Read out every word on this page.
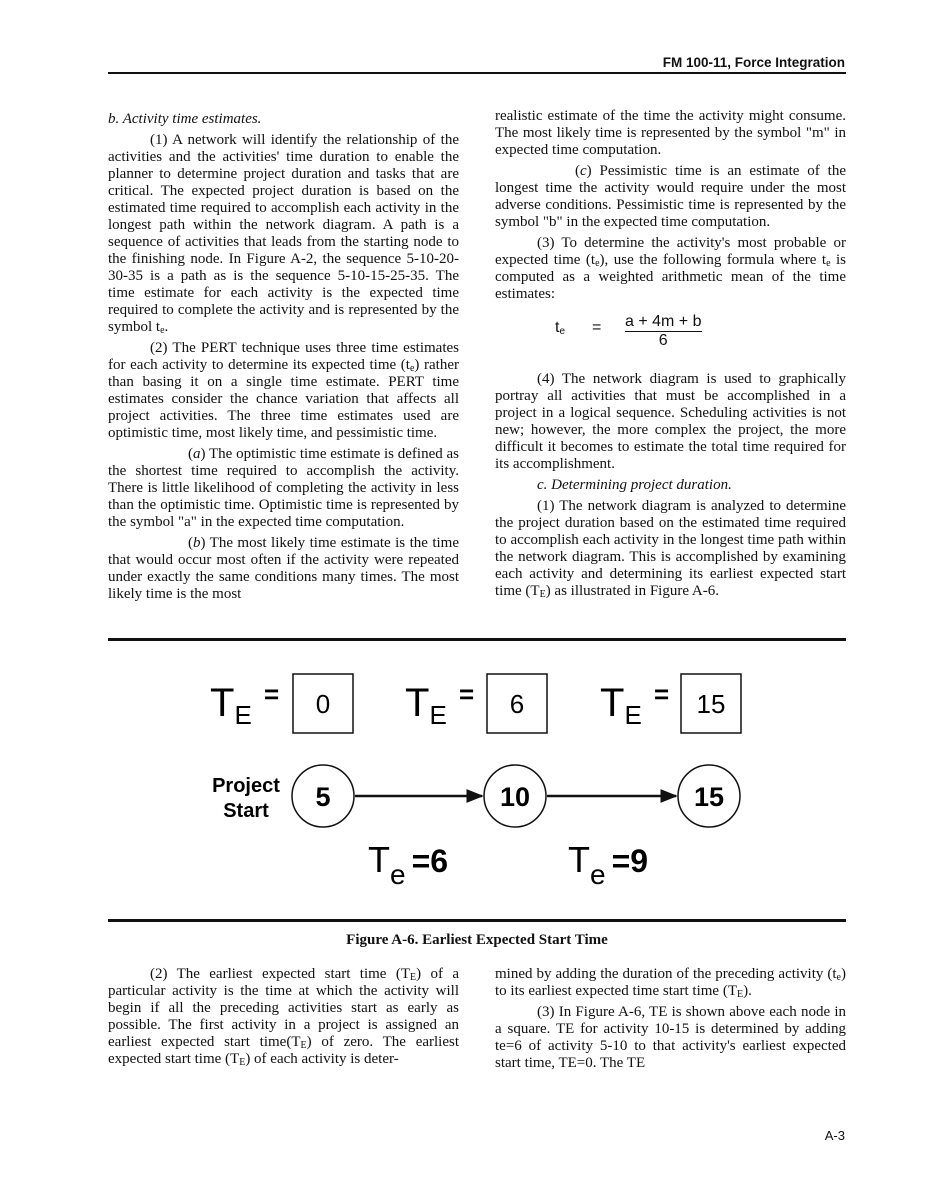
FM 100-11, Force Integration

b. Activity time estimates.

(1) A network will identify the relationship of the activities and the activities' time duration to enable the planner to determine project duration and tasks that are critical. The expected project duration is based on the estimated time required to accomplish each activity in the longest path within the network diagram. A path is a sequence of activities that leads from the starting node to the finishing node. In Figure A-2, the sequence 5-10-20-30-35 is a path as is the sequence 5-10-15-25-35. The time estimate for each activity is the expected time required to complete the activity and is represented by the symbol $t_e$.

(2) The PERT technique uses three time estimates for each activity to determine its expected time $(t_e)$ rather than basing it on a single time estimate. PERT time estimates consider the chance variation that affects all project activities. The three time estimates used are optimistic time, most likely time, and pessimistic time.

(a) The optimistic time estimate is defined as the shortest time required to accomplish the activity. There is little likelihood of completing the activity in less than the optimistic time. Optimistic time is represented by the symbol "a" in the expected time computation.

(b) The most likely time estimate is the time that would occur most often if the activity were repeated under exactly the same conditions many times. The most likely time is the most

realistic estimate of the time the activity might consume. The most likely time is represented by the symbol "m" in expected time computation.

(c) Pessimistic time is an estimate of the longest time the activity would require under the most adverse conditions. Pessimistic time is represented by the symbol "b" in the expected time computation.

(3) To determine the activity's most probable or expected time $(t_e)$, use the following formula where $t_e$ is computed as a weighted arithmetic mean of the time estimates:

$t_e$	=	$\frac{a + 4m + b}{6}$

(4) The network diagram is used to graphically portray all activities that must be accomplished in a project in a logical sequence. Scheduling activities is not new; however, the more complex the project, the more difficult it becomes to estimate the total time required for its accomplishment.

c. Determining project duration.

(1) The network diagram is analyzed to determine the project duration based on the estimated time required to accomplish each activity in the longest time path within the network diagram. This is accomplished by examining each activity and determining its earliest expected start time $(T_E)$ as illustrated in Figure A-6.

$T_E$
= 0 $T_E$
= 6 $T_E$
= 15
5	10	15
Project
Start
$T_e =6$	$T_e =9$
Figure A-6. Earliest Expected Start Time

(2) The earliest expected start time $(T_E)$ of a particular activity is the time at which the activity will begin if all the preceding activities start as early as possible. The first activity in a project is assigned an earliest expected start $time(T_E)$ of zero. The earliest expected start time $(T_E)$ of each activity is deter-

mined by adding the duration of the preceding activity $(t_e)$ to its earliest expected time start time $(T_E)$.

(3) In Figure A-6, TE is shown above each node in a square. TE for activity 10-15 is determined by adding te=6 of activity 5-10 to that activity's earliest expected start time, TE=0. The TE

A-3
